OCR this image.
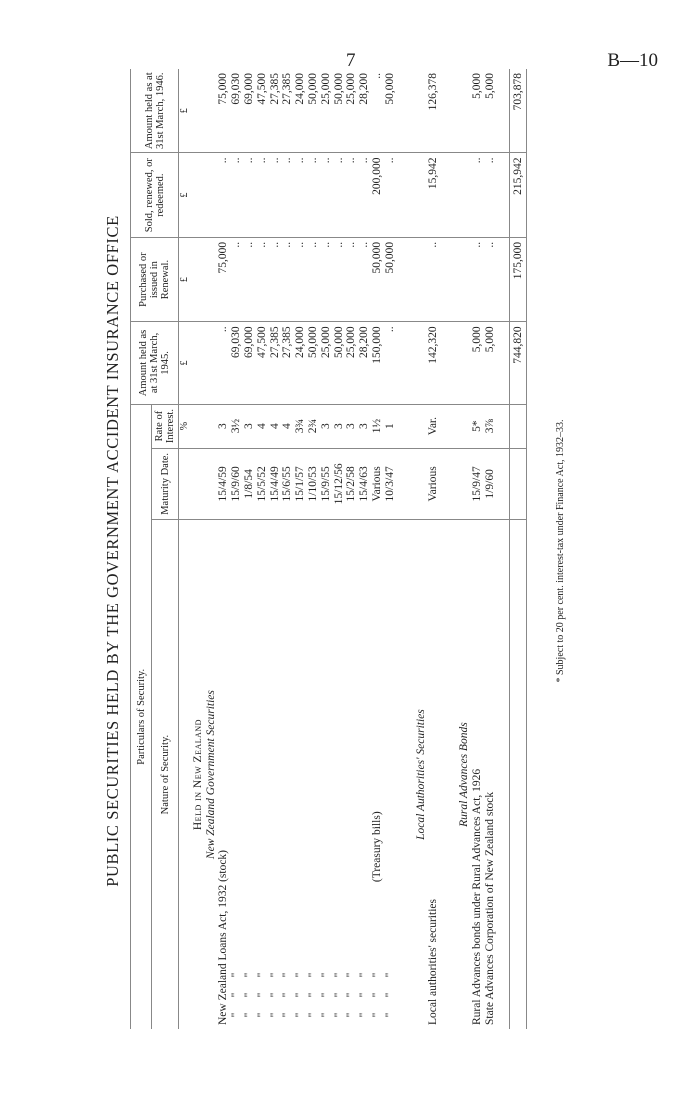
7	B—10
PUBLIC SECURITIES HELD BY THE GOVERNMENT ACCIDENT INSURANCE OFFICE Particulars of Security.			Amount held as at 31st March, 1945.	Purchased or issued in Renewal.	Sold, renewed, or redeemed.	Amount held as at 31st March, 1946.
Nature of Security.	Maturity Date.	Rate of Interest.				
		%	£	£	£	£
Held in New Zealand						
New Zealand Government Securities						
New Zealand Loans Act, 1932 (stock)	15/4/59	3	..	75,000	..	75,000
"""	15/9/60	3½	69,030	..	..	69,030
"""	1/8/54	3	69,000	..	..	69,000
"""	15/5/52	4	47,500	..	..	47,500
"""	15/4/49	4	27,385	..	..	27,385
"""	15/6/55	4	27,385	..	..	27,385
"""	15/1/57	3¾	24,000	..	..	24,000
"""	1/10/53	2¾	50,000	..	..	50,000
"""	15/9/55	3	25,000	..	..	25,000
"""	15/12/56	3	50,000	..	..	50,000
"""	15/2/58	3	25,000	..	..	25,000
"""	15/4/63	3	28,200	..	..	28,200
""" (Treasury bills)	Various	1½	150,000	50,000	200,000	..
"""	10/3/47	1	..	50,000	..	50,000

Local Authorities' Securities						
Local authorities' securities	Various	Var.	142,320	..	15,942	126,378

Rural Advances Bonds						
Rural Advances bonds under Rural Advances Act, 1926	15/9/47	5*	5,000	..	..	5,000
State Advances Corporation of New Zealand stock	1/9/60	3⅞	5,000	..	..	5,000

			744,820	175,000	215,942	703,878
* Subject to 20 per cent. interest-tax under Finance Act, 1932–33.
